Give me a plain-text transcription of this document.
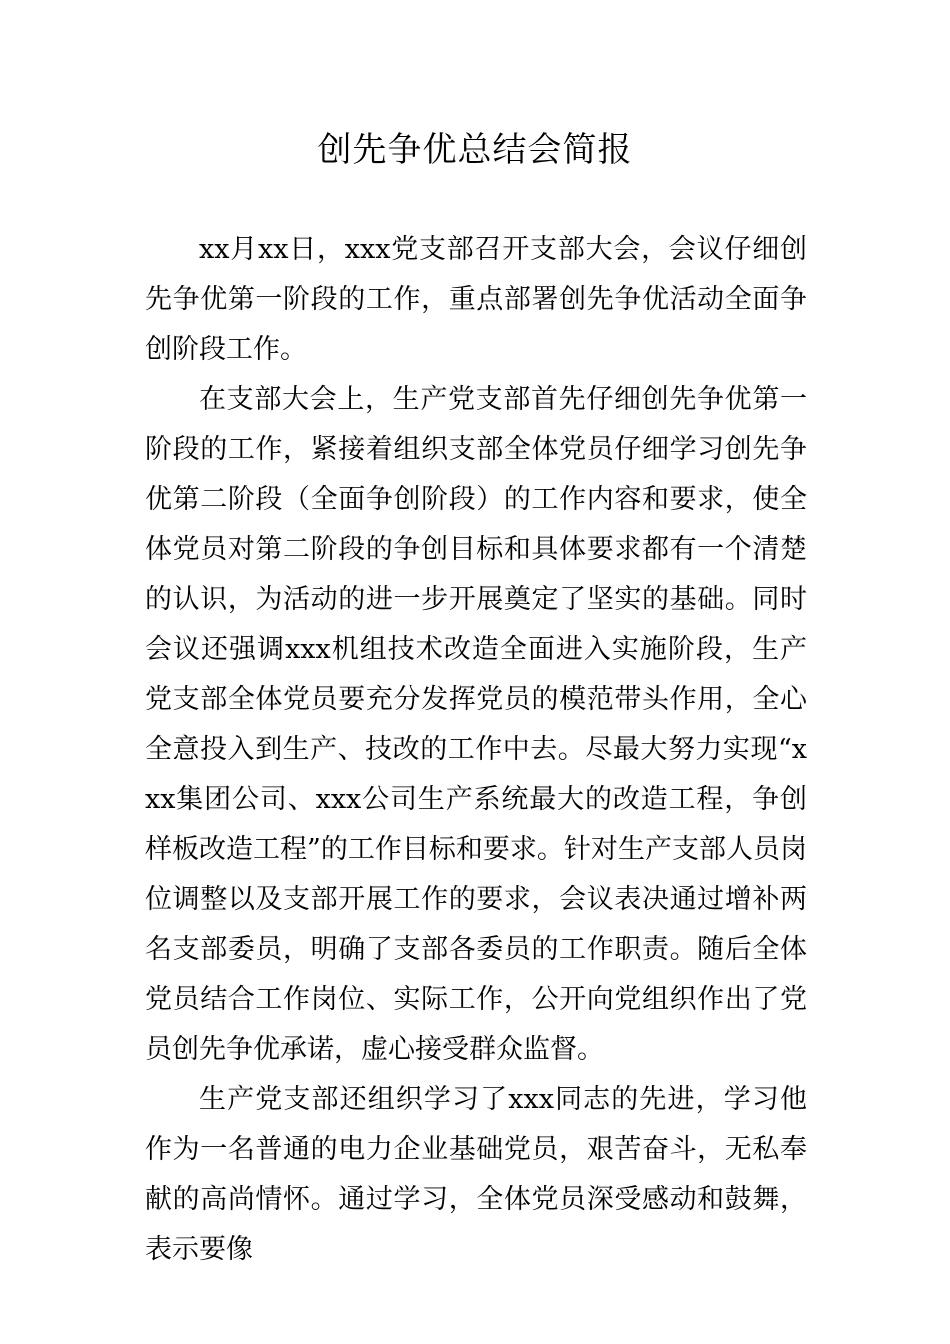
创先争优总结会简报

xx月xx日，xxx党支部召开支部大会，会议仔细创先争优第一阶段的工作，重点部署创先争优活动全面争创阶段工作。

在支部大会上，生产党支部首先仔细创先争优第一阶段的工作，紧接着组织支部全体党员仔细学习创先争优第二阶段（全面争创阶段）的工作内容和要求，使全体党员对第二阶段的争创目标和具体要求都有一个清楚的认识，为活动的进一步开展奠定了坚实的基础。同时会议还强调xxx机组技术改造全面进入实施阶段，生产党支部全体党员要充分发挥党员的模范带头作用，全心全意投入到生产、技改的工作中去。尽最大努力实现“xxx集团公司、xxx公司生产系统最大的改造工程，争创样板改造工程”的工作目标和要求。针对生产支部人员岗位调整以及支部开展工作的要求，会议表决通过增补两名支部委员，明确了支部各委员的工作职责。随后全体党员结合工作岗位、实际工作，公开向党组织作出了党员创先争优承诺，虚心接受群众监督。

生产党支部还组织学习了xxx同志的先进，学习他作为一名普通的电力企业基础党员，艰苦奋斗，无私奉献的高尚情怀。通过学习，全体党员深受感动和鼓舞，表示要像
